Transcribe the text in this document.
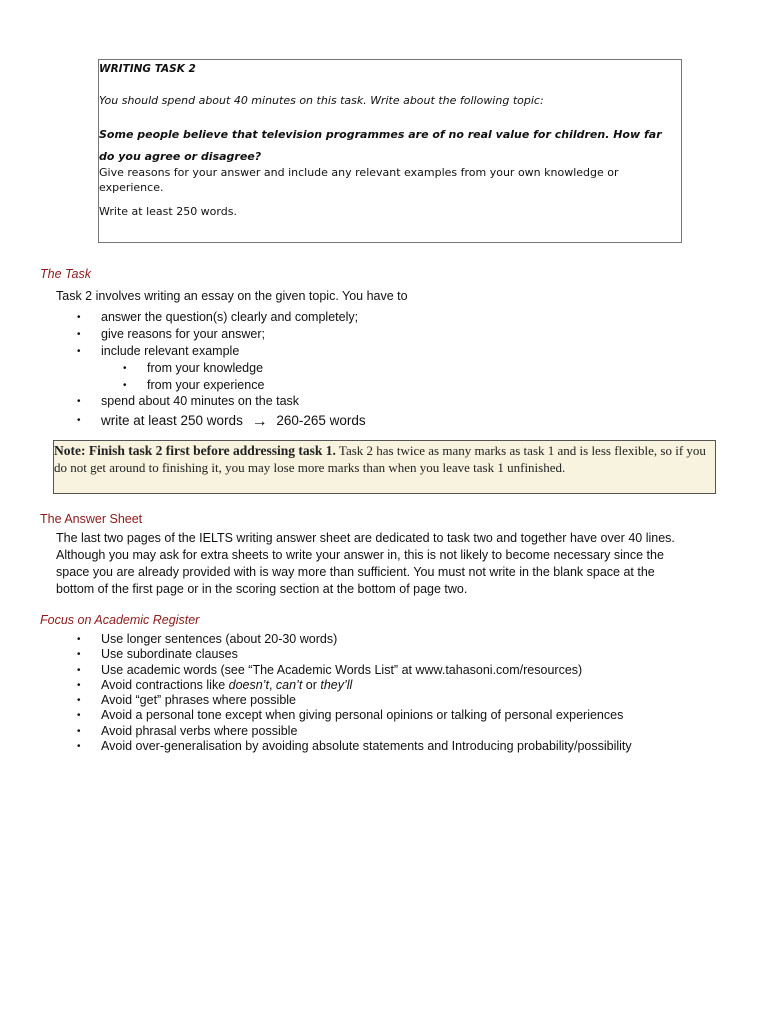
WRITING TASK 2

You should spend about 40 minutes on this task. Write about the following topic:

Some people believe that television programmes are of no real value for children. How far do you agree or disagree?

Give reasons for your answer and include any relevant examples from your own knowledge or experience.

Write at least 250 words.

The Task
Task 2 involves writing an essay on the given topic. You have to
• answer the question(s) clearly and completely;
• give reasons for your answer;
• include relevant example
• from your knowledge
• from your experience
• spend about 40 minutes on the task
• write at least 250 words → 260-265 words
Note: Finish task 2 first before addressing task 1. Task 2 has twice as many marks as task 1 and is less flexible, so if you do not get around to finishing it, you may lose more marks than when you leave task 1 unfinished.
The Answer Sheet
The last two pages of the IELTS writing answer sheet are dedicated to task two and together have over 40 lines.
Although you may ask for extra sheets to write your answer in, this is not likely to become necessary since the
space you are already provided with is way more than sufficient. You must not write in the blank space at the
bottom of the first page or in the scoring section at the bottom of page two.
Focus on Academic Register
• Use longer sentences (about 20-30 words)
• Use subordinate clauses
• Use academic words (see “The Academic Words List” at www.tahasoni.com/resources)
• Avoid contractions like doesn’t, can’t or they’ll
• Avoid “get” phrases where possible
• Avoid a personal tone except when giving personal opinions or talking of personal experiences
• Avoid phrasal verbs where possible
• Avoid over-generalisation by avoiding absolute statements and Introducing probability/possibility
